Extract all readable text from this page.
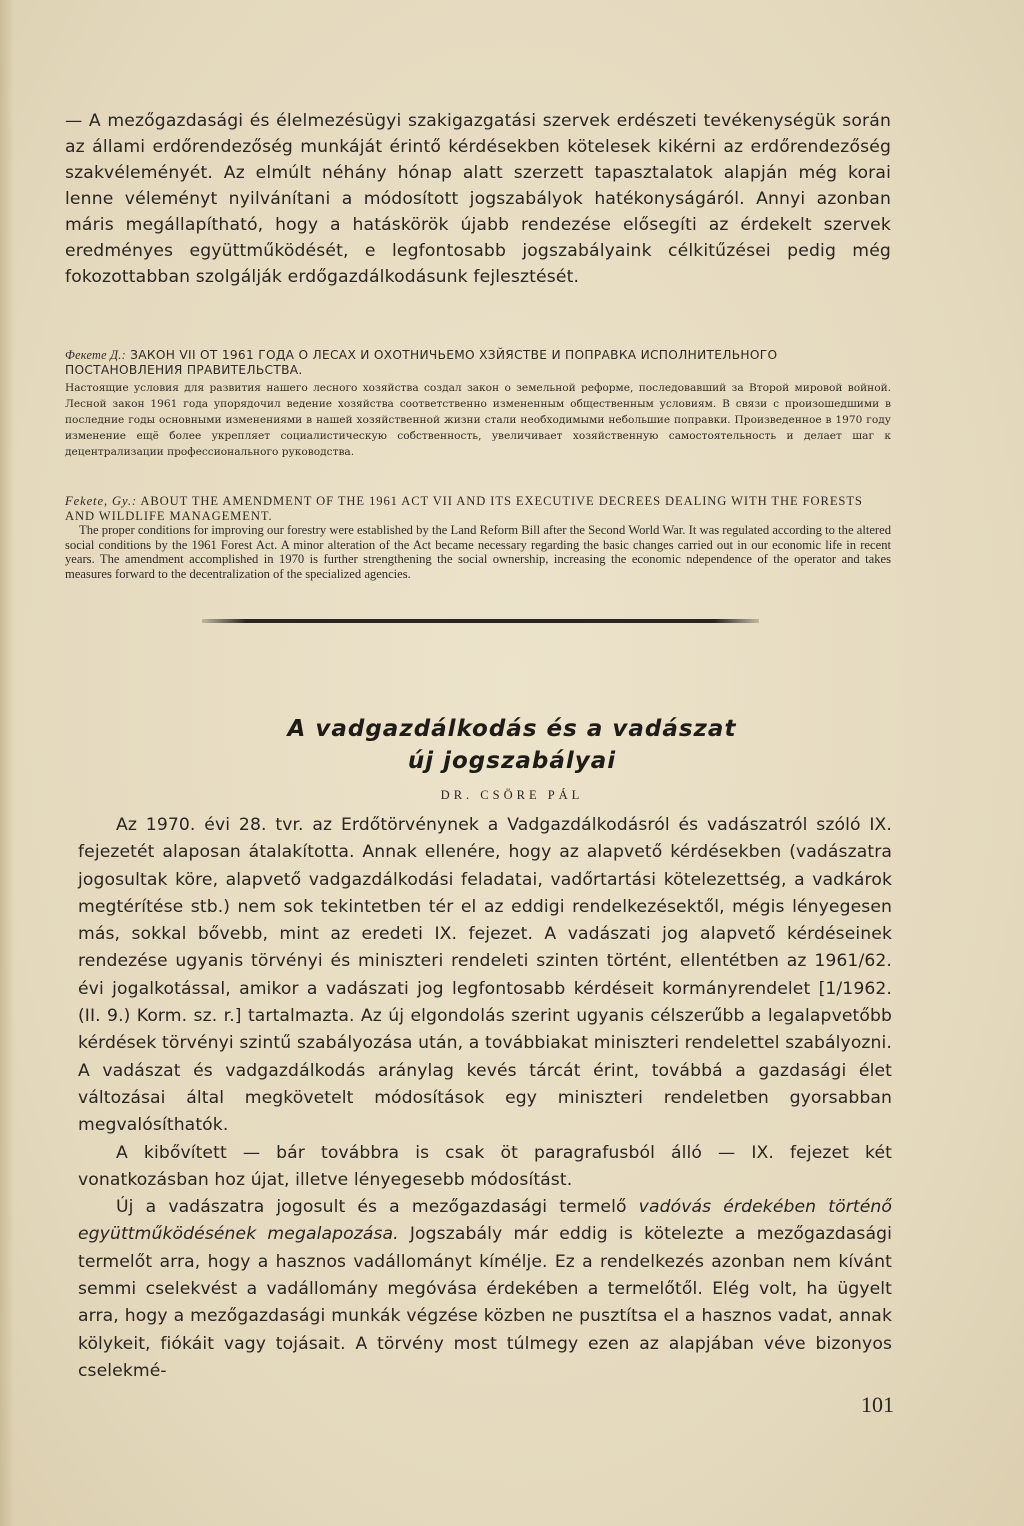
— A mezőgazdasági és élelmezésügyi szakigazgatási szervek erdészeti tevékenységük során az állami erdőrendezőség munkáját érintő kérdésekben kötelesek kikérni az erdőrendezőség szakvéleményét. Az elmúlt néhány hónap alatt szerzett tapasztalatok alapján még korai lenne véleményt nyilvánítani a módosított jogszabályok hatékonyságáról. Annyi azonban máris megállapítható, hogy a hatáskörök újabb rendezése elősegíti az érdekelt szervek eredményes együttműködését, e legfontosabb jogszabályaink célkitűzései pedig még fokozottabban szolgálják erdőgazdálkodásunk fejlesztését.

Фекете Д.: ЗАКОН VII ОТ 1961 ГОДА О ЛЕСАХ И ОХОТНИЧЬЕМО ХЗЙЯСТВЕ И ПОПРАВКА ИСПОЛНИТЕЛЬНОГО ПОСТАНОВЛЕНИЯ ПРАВИТЕЛЬСТВА.

Настоящие условия для развития нашего лесного хозяйства создал закон о земельной реформе, последовавший за Второй мировой войной. Лесной закон 1961 года упорядочил ведение хозяйства соответственно измененным общественным условиям. В связи с произошедшими в последние годы основными изменениями в нашей хозяйственной жизни стали необходимыми небольшие поправки. Произведенное в 1970 году изменение ещё более укрепляет социалистическую собственность, увеличивает хозяйственную самостоятельность и делает шаг к децентрализации профессионального руководства.

Fekete, Gy.: ABOUT THE AMENDMENT OF THE 1961 ACT VII AND ITS EXECUTIVE DECREES DEALING WITH THE FORESTS AND WILDLIFE MANAGEMENT.

The proper conditions for improving our forestry were established by the Land Reform Bill after the Second World War. It was regulated according to the altered social conditions by the 1961 Forest Act. A minor alteration of the Act became necessary regarding the basic changes carried out in our economic life in recent years. The amendment accomplished in 1970 is further strengthening the social ownership, increasing the economic ndependence of the operator and takes measures forward to the decentralization of the specialized agencies.

A vadgazdálkodás és a vadászat

új jogszabályai

DR. CSÖRE PÁL

Az 1970. évi 28. tvr. az Erdőtörvénynek a Vadgazdálkodásról és vadászatról szóló IX. fejezetét alaposan átalakította. Annak ellenére, hogy az alapvető kérdésekben (vadászatra jogosultak köre, alapvető vadgazdálkodási feladatai, vadőrtartási kötelezettség, a vadkárok megtérítése stb.) nem sok tekintetben tér el az eddigi rendelkezésektől, mégis lényegesen más, sokkal bővebb, mint az eredeti IX. fejezet. A vadászati jog alapvető kérdéseinek rendezése ugyanis törvényi és miniszteri rendeleti szinten történt, ellentétben az 1961/62. évi jogalkotással, amikor a vadászati jog legfontosabb kérdéseit kormányrendelet [1/1962. (II. 9.) Korm. sz. r.] tartalmazta. Az új elgondolás szerint ugyanis célszerűbb a legalapvetőbb kérdések törvényi szintű szabályozása után, a továbbiakat miniszteri rendelettel szabályozni. A vadászat és vadgazdálkodás aránylag kevés tárcát érint, továbbá a gazdasági élet változásai által megkövetelt módosítások egy miniszteri rendeletben gyorsabban megvalósíthatók.

A kibővített — bár továbbra is csak öt paragrafusból álló — IX. fejezet két vonatkozásban hoz újat, illetve lényegesebb módosítást.

Új a vadászatra jogosult és a mezőgazdasági termelő vadóvás érdekében történő együttműködésének megalapozása. Jogszabály már eddig is kötelezte a mezőgazdasági termelőt arra, hogy a hasznos vadállományt kímélje. Ez a rendelkezés azonban nem kívánt semmi cselekvést a vadállomány megóvása érdekében a termelőtől. Elég volt, ha ügyelt arra, hogy a mezőgazdasági munkák végzése közben ne pusztítsa el a hasznos vadat, annak kölykeit, fiókáit vagy tojásait. A törvény most túlmegy ezen az alapjában véve bizonyos cselekmé-

101
